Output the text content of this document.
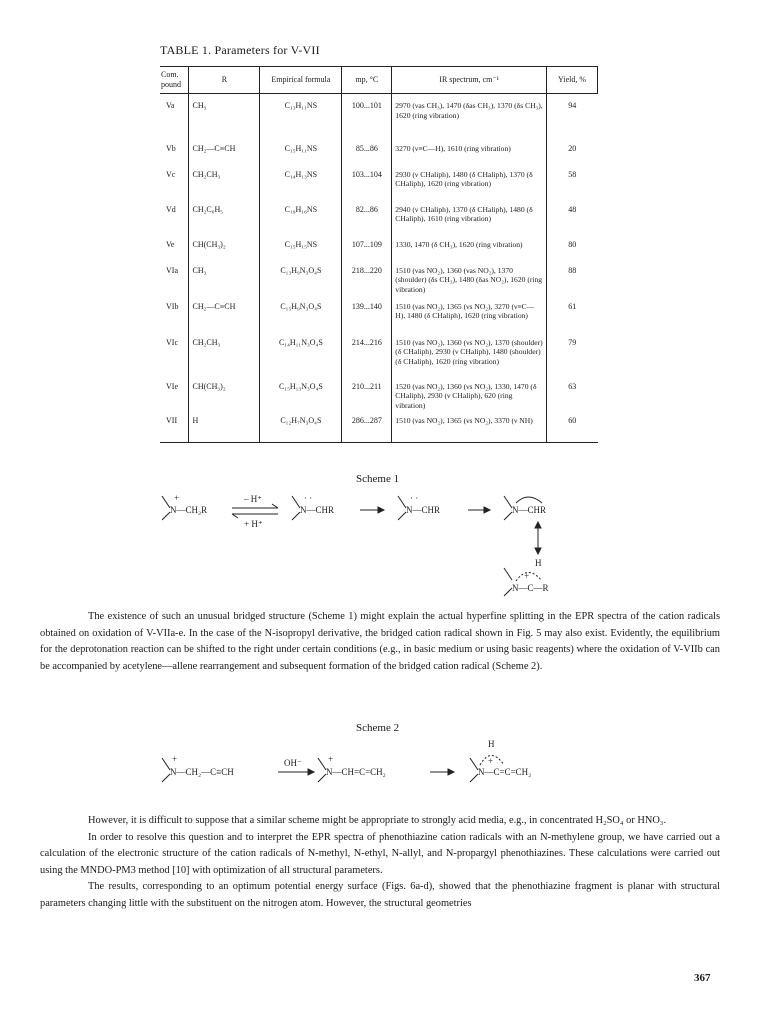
TABLE 1. Parameters for V-VII
Com. pound	R	Empirical formula	mp, °C	IR spectrum, cm⁻¹	Yield, %
Va	CH₃	C₁₃H₁₁NS	100...101	2970 (νas CH₃), 1470 (δas CH₃), 1370 (δs CH₃), 1620 (ring vibration)	94
Vb	CH₂—C≡CH	C₁₅H₁₁NS	85...86	3270 (ν≡C—H), 1610 (ring vibration)	20
Vc	CH₂CH₃	C₁₄H₁₃NS	103...104	2930 (ν CHaliph), 1480 (δ CHaliph), 1370 (δ CHaliph), 1620 (ring vibration)	58
Vd	CH₂C₆H₅	C₁₉H₁₆NS	82...86	2940 (ν CHaliph), 1370 (δ CHaliph), 1480 (δ CHaliph), 1610 (ring vibration)	48
Ve	CH(CH₃)₂	C₁₅H₁₅NS	107...109	1330, 1470 (δ CH₃), 1620 (ring vibration)	80
VIa	CH₃	C₁₃H₉N₃O₄S	218...220	1510 (νas NO₂), 1360 (νas NO₂), 1370 (shoulder) (δs CH₃), 1480 (δas NO₂), 1620 (ring vibration)	88
VIb	CH₂—C≡CH	C₁₅H₉N₃O₄S	139...140	1510 (νas NO₂), 1365 (νs NO₂), 3270 (ν≡C—H), 1480 (δ CHaliph), 1620 (ring vibration)	61
VIc	CH₂CH₃	C₁₄H₁₁N₃O₄S	214...216	1510 (νas NO₂), 1360 (νs NO₂), 1370 (shoulder) (δ CHaliph), 2930 (ν CHaliph), 1480 (shoulder) (δ CHaliph), 1620 (ring vibration)	79
VIe	CH(CH₃)₂	C₁₅H₁₃N₃O₄S	210...211	1520 (νas NO₂), 1360 (νs NO₂), 1330, 1470 (δ CHaliph), 2930 (ν CHaliph), 620 (ring vibration)	63
VII	H	C₁₂H₇N₃O₄S	286...287	1510 (νas NO₂), 1365 (νs NO₂), 3370 (ν NH)	60
Scheme 1
N—CH₂R
+	– H⁺
+ H⁺
N—CHR
· ·
N—CHR
· ·
N—CHR
H
N—C—R
+

The existence of such an unusual bridged structure (Scheme 1) might explain the actual hyperfine splitting in the EPR spectra of the cation radicals obtained on oxidation of V-VIIa-e. In the case of the N-isopropyl derivative, the bridged cation radical shown in Fig. 5 may also exist. Evidently, the equilibrium for the deprotonation reaction can be shifted to the right under certain conditions (e.g., in basic medium or using basic reagents) where the oxidation of V-VIIb can be accompanied by acetylene—allene rearrangement and subsequent formation of the bridged cation radical (Scheme 2).

Scheme 2
N—CH₂—C≡CH
+	OH⁻
N—CH=C=CH₂
+
H
N—C=C=CH₂
+

However, it is difficult to suppose that a similar scheme might be appropriate to strongly acid media, e.g., in concentrated H₂SO₄ or HNO₃.

In order to resolve this question and to interpret the EPR spectra of phenothiazine cation radicals with an N-methylene group, we have carried out a calculation of the electronic structure of the cation radicals of N-methyl, N-ethyl, N-allyl, and N-propargyl phenothiazines. These calculations were carried out using the MNDO-PM3 method [10] with optimization of all structural parameters.

The results, corresponding to an optimum potential energy surface (Figs. 6a-d), showed that the phenothiazine fragment is planar with structural parameters changing little with the substituent on the nitrogen atom. However, the structural geometries

367
